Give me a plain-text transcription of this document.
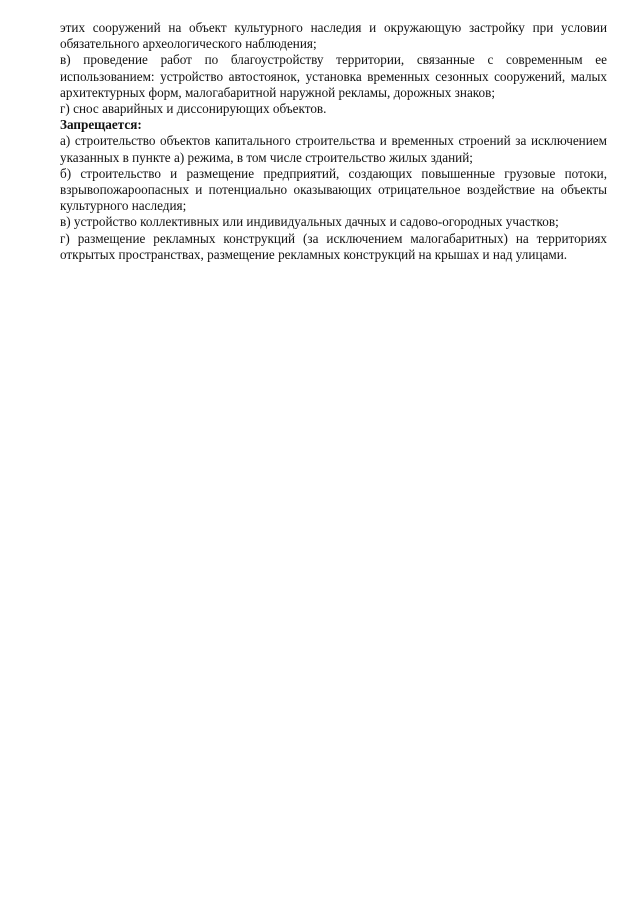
этих сооружений на объект культурного наследия и окружающую застройку при условии обязательного археологического наблюдения;

в) проведение работ по благоустройству территории, связанные с современным ее использованием: устройство автостоянок, установка временных сезонных сооружений, малых архитектурных форм, малогабаритной наружной рекламы, дорожных знаков;

г) снос аварийных и диссонирующих объектов.

Запрещается:

а) строительство объектов капитального строительства и временных строений за исключением указанных в пункте а) режима, в том числе строительство жилых зданий;

б) строительство и размещение предприятий, создающих повышенные грузовые потоки, взрывопожароопасных и потенциально оказывающих отрицательное воздействие на объекты культурного наследия;

в) устройство коллективных или индивидуальных дачных и садово-огородных участков;

г) размещение рекламных конструкций (за исключением малогабаритных) на территориях открытых пространствах, размещение рекламных конструкций на крышах и над улицами.
